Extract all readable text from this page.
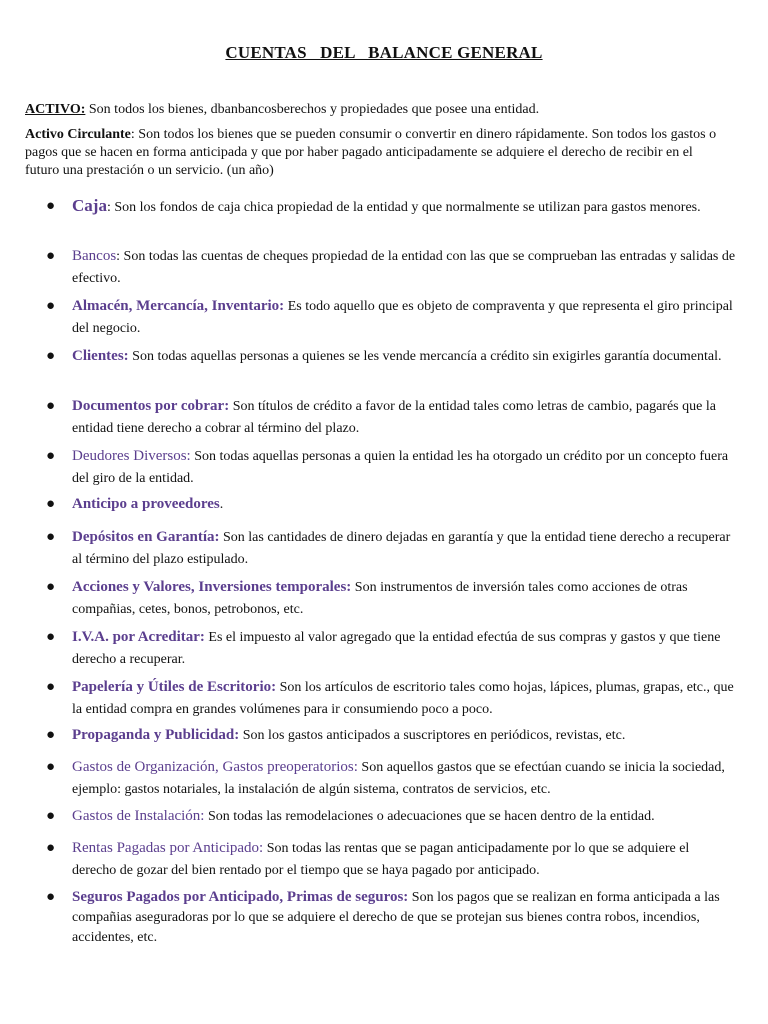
CUENTAS   DEL   BALANCE GENERAL
ACTIVO: Son todos los bienes, dbanbancosberechos y propiedades que posee una entidad.
Activo Circulante: Son todos los bienes que se pueden consumir o convertir en dinero rápidamente. Son todos los gastos o pagos que se hacen en forma anticipada y que por haber pagado anticipadamente se adquiere el derecho de recibir en el futuro una prestación o un servicio. (un año)
● Caja: Son los fondos de caja chica propiedad de la entidad y que normalmente se utilizan para gastos menores.
● Bancos: Son todas las cuentas de cheques propiedad de la entidad con las que se comprueban las entradas y salidas de efectivo.
● Almacén, Mercancía, Inventario: Es todo aquello que es objeto de compraventa y que representa el giro principal del negocio.
● Clientes: Son todas aquellas personas a quienes se les vende mercancía a crédito sin exigirles garantía documental.
● Documentos por cobrar: Son títulos de crédito a favor de la entidad tales como letras de cambio, pagarés que la entidad tiene derecho a cobrar al término del plazo.
● Deudores Diversos: Son todas aquellas personas a quien la entidad les ha otorgado un crédito por un concepto fuera del giro de la entidad.
● Anticipo a proveedores.
● Depósitos en Garantía: Son las cantidades de dinero dejadas en garantía y que la entidad tiene derecho a recuperar al término del plazo estipulado.
● Acciones y Valores, Inversiones temporales: Son instrumentos de inversión tales como acciones de otras compañias, cetes, bonos, petrobonos, etc.
● I.V.A. por Acreditar: Es el impuesto al valor agregado que la entidad efectúa de sus compras y gastos y que tiene derecho a recuperar.
● Papelería y Útiles de Escritorio: Son los artículos de escritorio tales como hojas, lápices, plumas, grapas, etc., que la entidad compra en grandes volúmenes para ir consumiendo poco a poco.
● Propaganda y Publicidad: Son los gastos anticipados a suscriptores en periódicos, revistas, etc.
● Gastos de Organización, Gastos preoperatorios: Son aquellos gastos que se efectúan cuando se inicia la sociedad, ejemplo: gastos notariales, la instalación de algún sistema, contratos de servicios, etc.
● Gastos de Instalación: Son todas las remodelaciones o adecuaciones que se hacen dentro de la entidad.
● Rentas Pagadas por Anticipado: Son todas las rentas que se pagan anticipadamente por lo que se adquiere el derecho de gozar del bien rentado por el tiempo que se haya pagado por anticipado.
● Seguros Pagados por Anticipado, Primas de seguros: Son los pagos que se realizan en forma anticipada a las compañias aseguradoras por lo que se adquiere el derecho de que se protejan sus bienes contra robos, incendios, accidentes, etc.
